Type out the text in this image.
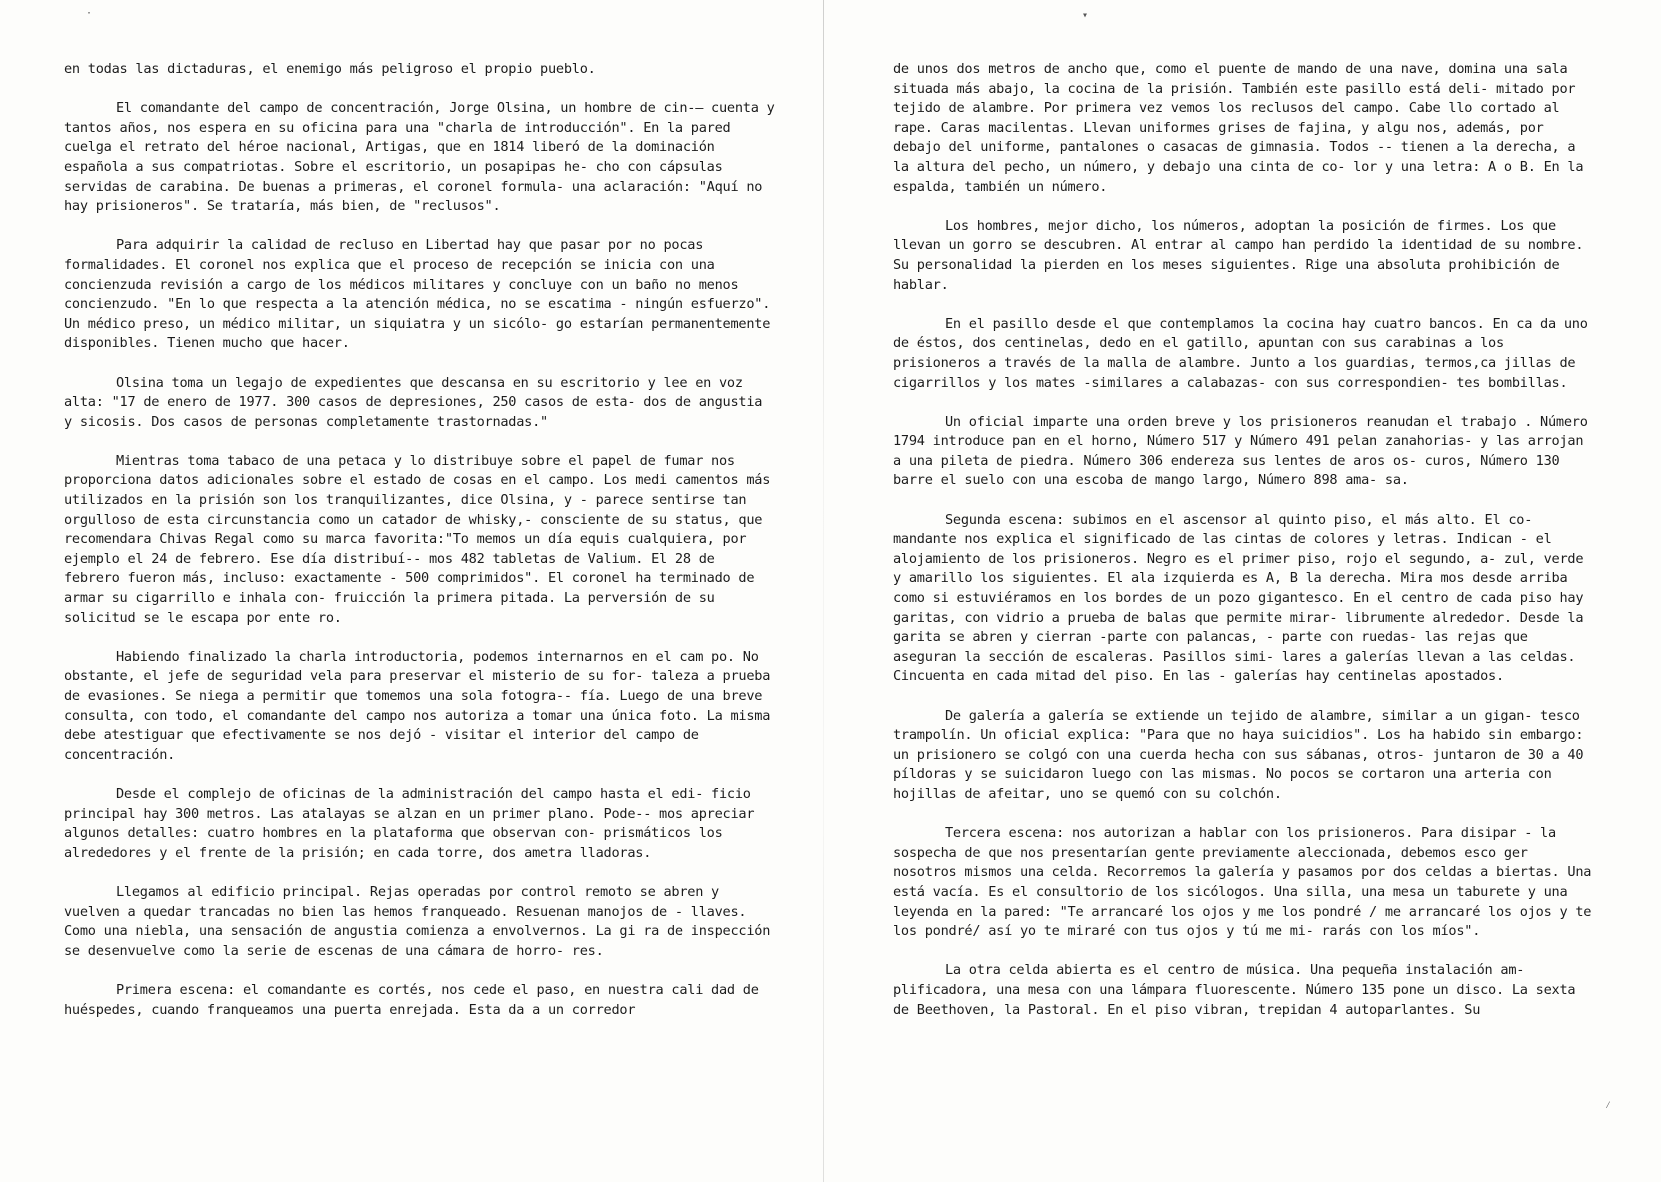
en todas las dictaduras, el enemigo más peligroso el propio pueblo.

El comandante del campo de concentración, Jorge Olsina, un hombre de cin-— cuenta y tantos años, nos espera en su oficina para una "charla de introducción". En la pared cuelga el retrato del héroe nacional, Artigas, que en 1814 liberó de la dominación española a sus compatriotas. Sobre el escritorio, un posapipas he- cho con cápsulas servidas de carabina. De buenas a primeras, el coronel formula- una aclaración: "Aquí no hay prisioneros". Se trataría, más bien, de "reclusos".

Para adquirir la calidad de recluso en Libertad hay que pasar por no pocas formalidades. El coronel nos explica que el proceso de recepción se inicia con una concienzuda revisión a cargo de los médicos militares y concluye con un baño no menos concienzudo. "En lo que respecta a la atención médica, no se escatima - ningún esfuerzo". Un médico preso, un médico militar, un siquiatra y un sicólo- go estarían permanentemente disponibles. Tienen mucho que hacer.

Olsina toma un legajo de expedientes que descansa en su escritorio y lee en voz alta: "17 de enero de 1977. 300 casos de depresiones, 250 casos de esta- dos de angustia y sicosis. Dos casos de personas completamente trastornadas."

Mientras toma tabaco de una petaca y lo distribuye sobre el papel de fumar nos proporciona datos adicionales sobre el estado de cosas en el campo. Los medi camentos más utilizados en la prisión son los tranquilizantes, dice Olsina, y - parece sentirse tan orgulloso de esta circunstancia como un catador de whisky,- consciente de su status, que recomendara Chivas Regal como su marca favorita:"To memos un día equis cualquiera, por ejemplo el 24 de febrero. Ese día distribuí-- mos 482 tabletas de Valium. El 28 de febrero fueron más, incluso: exactamente - 500 comprimidos". El coronel ha terminado de armar su cigarrillo e inhala con- fruicción la primera pitada. La perversión de su solicitud se le escapa por ente ro.

Habiendo finalizado la charla introductoria, podemos internarnos en el cam po. No obstante, el jefe de seguridad vela para preservar el misterio de su for- taleza a prueba de evasiones. Se niega a permitir que tomemos una sola fotogra-- fía. Luego de una breve consulta, con todo, el comandante del campo nos autoriza a tomar una única foto. La misma debe atestiguar que efectivamente se nos dejó - visitar el interior del campo de concentración.

Desde el complejo de oficinas de la administración del campo hasta el edi- ficio principal hay 300 metros. Las atalayas se alzan en un primer plano. Pode-- mos apreciar algunos detalles: cuatro hombres en la plataforma que observan con- prismáticos los alrededores y el frente de la prisión; en cada torre, dos ametra lladoras.

Llegamos al edificio principal. Rejas operadas por control remoto se abren y vuelven a quedar trancadas no bien las hemos franqueado. Resuenan manojos de - llaves. Como una niebla, una sensación de angustia comienza a envolvernos. La gi ra de inspección se desenvuelve como la serie de escenas de una cámara de horro- res.

Primera escena: el comandante es cortés, nos cede el paso, en nuestra cali dad de huéspedes, cuando franqueamos una puerta enrejada. Esta da a un corredor

de unos dos metros de ancho que, como el puente de mando de una nave, domina una sala situada más abajo, la cocina de la prisión. También este pasillo está deli- mitado por tejido de alambre. Por primera vez vemos los reclusos del campo. Cabe llo cortado al rape. Caras macilentas. Llevan uniformes grises de fajina, y algu nos, además, por debajo del uniforme, pantalones o casacas de gimnasia. Todos -- tienen a la derecha, a la altura del pecho, un número, y debajo una cinta de co- lor y una letra: A o B. En la espalda, también un número.

Los hombres, mejor dicho, los números, adoptan la posición de firmes. Los que llevan un gorro se descubren. Al entrar al campo han perdido la identidad de su nombre. Su personalidad la pierden en los meses siguientes. Rige una absoluta prohibición de hablar.

En el pasillo desde el que contemplamos la cocina hay cuatro bancos. En ca da uno de éstos, dos centinelas, dedo en el gatillo, apuntan con sus carabinas a los prisioneros a través de la malla de alambre. Junto a los guardias, termos,ca jillas de cigarrillos y los mates -similares a calabazas- con sus correspondien- tes bombillas.

Un oficial imparte una orden breve y los prisioneros reanudan el trabajo . Número 1794 introduce pan en el horno, Número 517 y Número 491 pelan zanahorias- y las arrojan a una pileta de piedra. Número 306 endereza sus lentes de aros os- curos, Número 130 barre el suelo con una escoba de mango largo, Número 898 ama- sa.

Segunda escena: subimos en el ascensor al quinto piso, el más alto. El co- mandante nos explica el significado de las cintas de colores y letras. Indican - el alojamiento de los prisioneros. Negro es el primer piso, rojo el segundo, a- zul, verde y amarillo los siguientes. El ala izquierda es A, B la derecha. Mira mos desde arriba como si estuviéramos en los bordes de un pozo gigantesco. En el centro de cada piso hay garitas, con vidrio a prueba de balas que permite mirar- librumente alrededor. Desde la garita se abren y cierran -parte con palancas, - parte con ruedas- las rejas que aseguran la sección de escaleras. Pasillos simi- lares a galerías llevan a las celdas. Cincuenta en cada mitad del piso. En las - galerías hay centinelas apostados.

De galería a galería se extiende un tejido de alambre, similar a un gigan- tesco trampolín. Un oficial explica: "Para que no haya suicidios". Los ha habido sin embargo: un prisionero se colgó con una cuerda hecha con sus sábanas, otros- juntaron de 30 a 40 píldoras y se suicidaron luego con las mismas. No pocos se cortaron una arteria con hojillas de afeitar, uno se quemó con su colchón.

Tercera escena: nos autorizan a hablar con los prisioneros. Para disipar - la sospecha de que nos presentarían gente previamente aleccionada, debemos esco ger nosotros mismos una celda. Recorremos la galería y pasamos por dos celdas a biertas. Una está vacía. Es el consultorio de los sicólogos. Una silla, una mesa un taburete y una leyenda en la pared: "Te arrancaré los ojos y me los pondré / me arrancaré los ojos y te los pondré/ así yo te miraré con tus ojos y tú me mi- rarás con los míos".

La otra celda abierta es el centro de música. Una pequeña instalación am- plificadora, una mesa con una lámpara fluorescente. Número 135 pone un disco. La sexta de Beethoven, la Pastoral. En el piso vibran, trepidan 4 autoparlantes. Su

·	▾
⁄
